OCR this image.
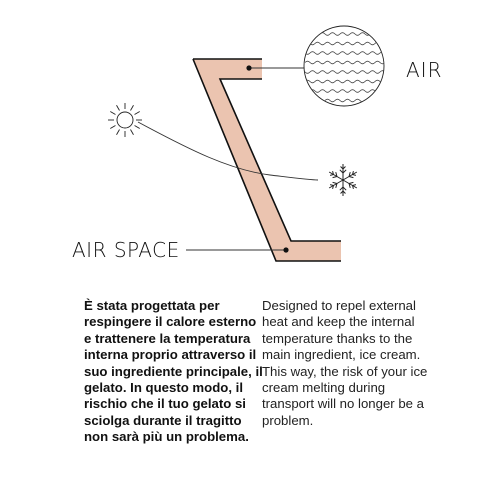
AIR
AIR SPACE

È stata progettata per respingere il calore esterno e trattenere la temperatura interna proprio attraverso il suo ingrediente principale, il gelato. In questo modo, il rischio che il tuo gelato si sciolga durante il tragitto non sarà più un problema.

Designed to repel external heat and keep the internal temperature thanks to the main ingredient, ice cream. This way, the risk of your ice cream melting during transport will no longer be a problem.
